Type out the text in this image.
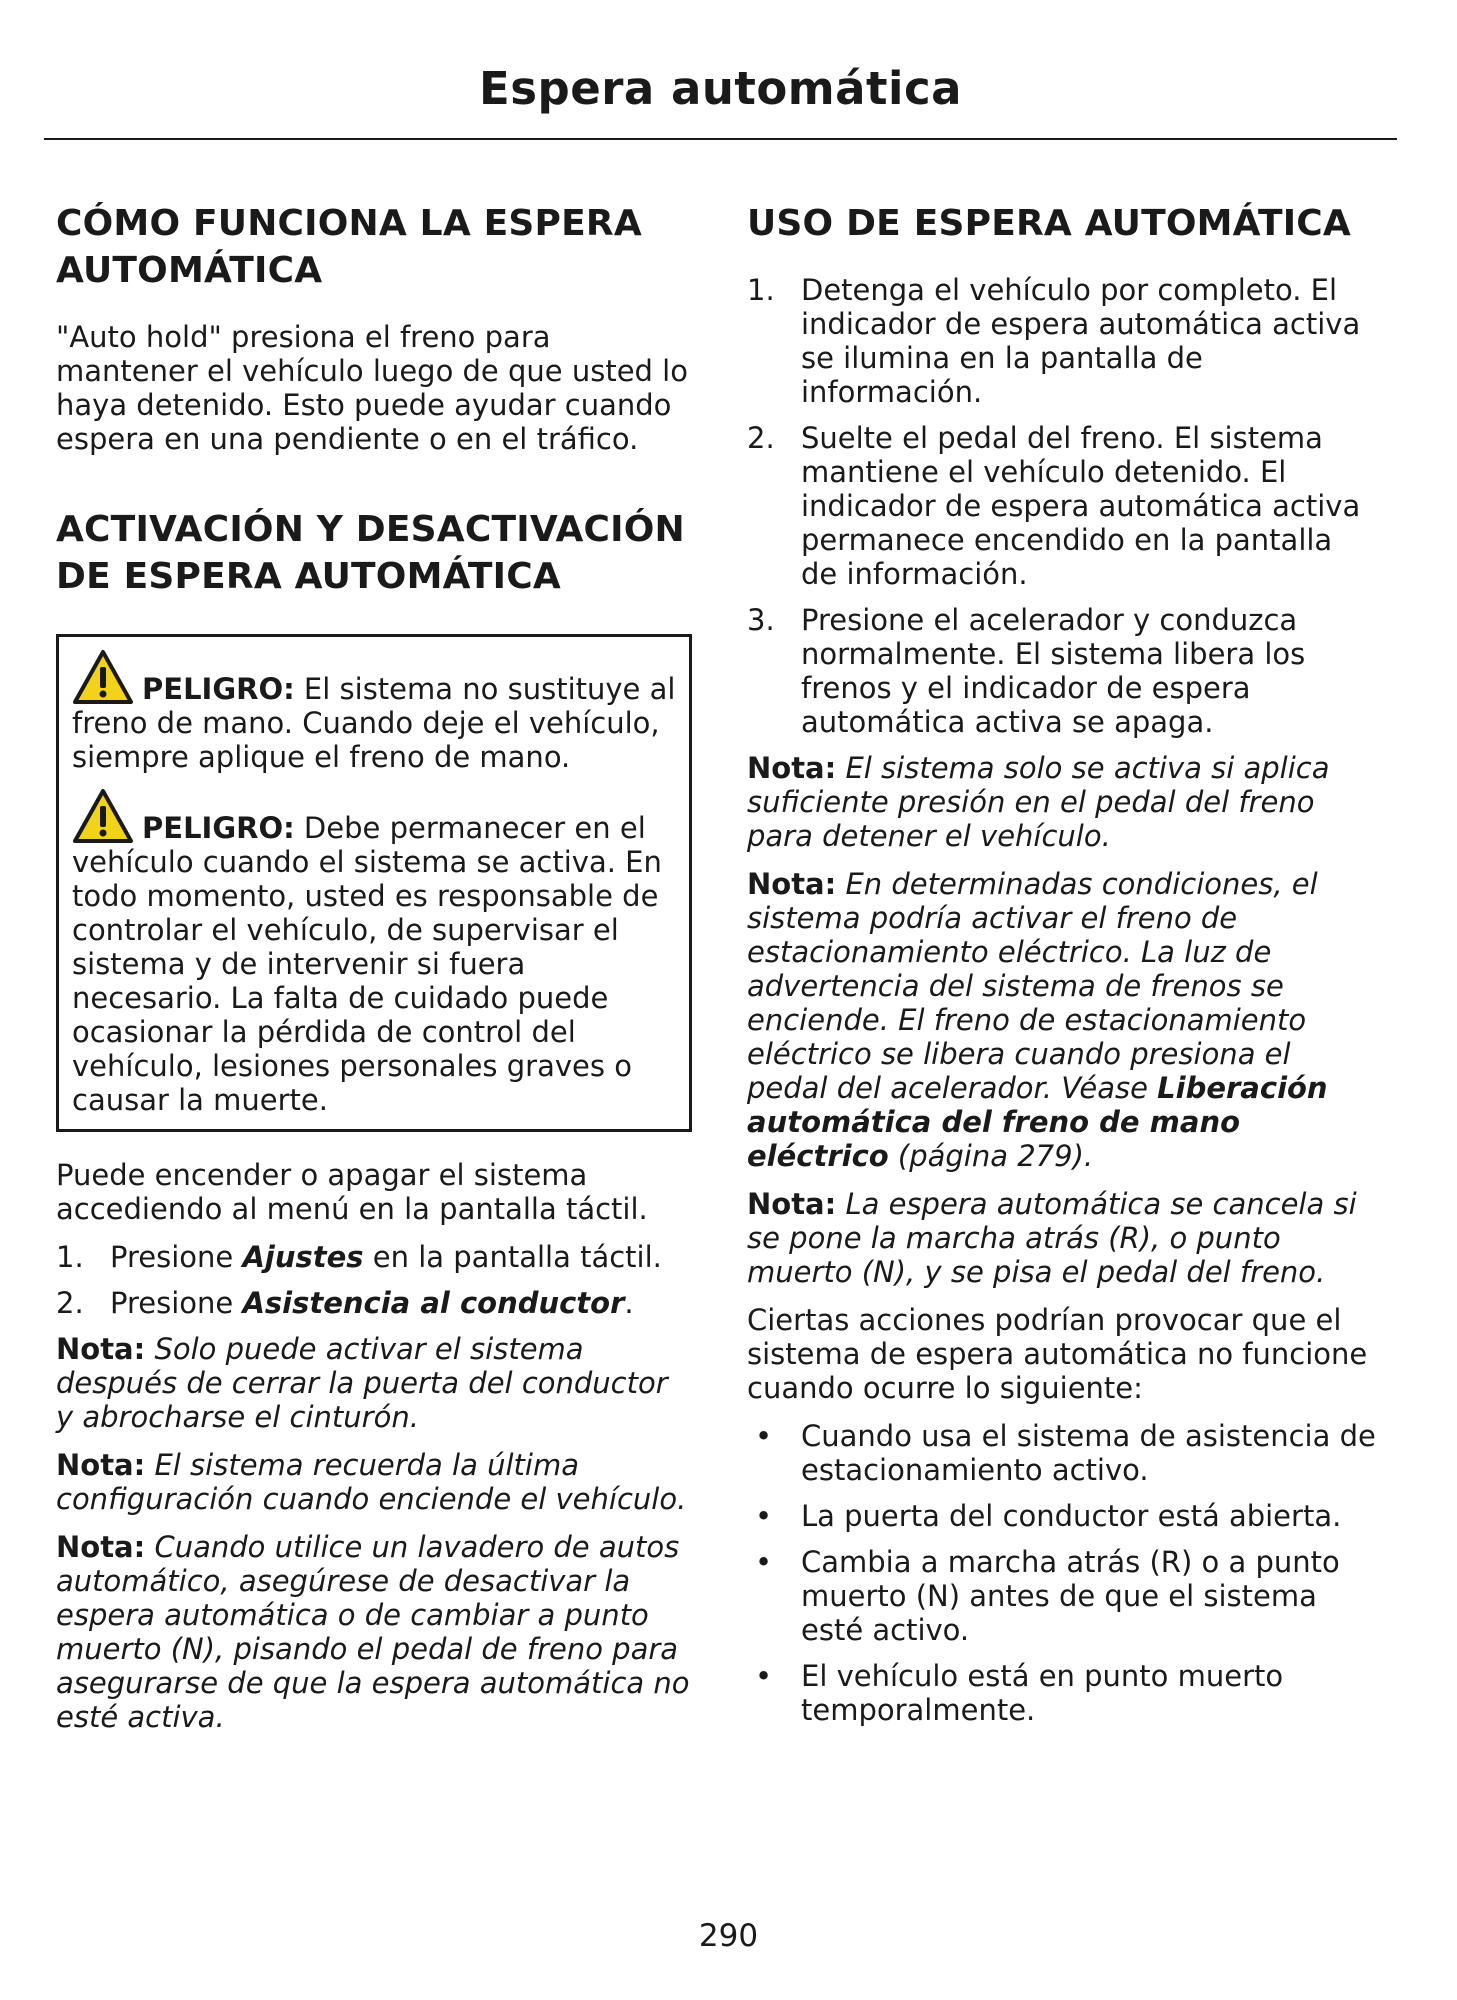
Espera automática
CÓMO FUNCIONA LA ESPERA AUTOMÁTICA

"Auto hold" presiona el freno para mantener el vehículo luego de que usted lo haya detenido. Esto puede ayudar cuando espera en una pendiente o en el tráfico.

ACTIVACIÓN Y DESACTIVACIÓN DE ESPERA AUTOMÁTICA
PELIGRO: El sistema no sustituye al freno de mano. Cuando deje el vehículo, siempre aplique el freno de mano.
PELIGRO: Debe permanecer en el vehículo cuando el sistema se activa. En todo momento, usted es responsable de controlar el vehículo, de supervisar el sistema y de intervenir si fuera necesario. La falta de cuidado puede ocasionar la pérdida de control del vehículo, lesiones personales graves o causar la muerte.

Puede encender o apagar el sistema accediendo al menú en la pantalla táctil.

1. Presione Ajustes en la pantalla táctil.
2. Presione Asistencia al conductor.
Nota: Solo puede activar el sistema después de cerrar la puerta del conductor y abrocharse el cinturón.
Nota: El sistema recuerda la última configuración cuando enciende el vehículo.
Nota: Cuando utilice un lavadero de autos automático, asegúrese de desactivar la espera automática o de cambiar a punto muerto (N), pisando el pedal de freno para asegurarse de que la espera automática no esté activa.
USO DE ESPERA AUTOMÁTICA
1. Detenga el vehículo por completo. El indicador de espera automática activa se ilumina en la pantalla de información.
2. Suelte el pedal del freno. El sistema mantiene el vehículo detenido. El indicador de espera automática activa permanece encendido en la pantalla de información.
3. Presione el acelerador y conduzca normalmente. El sistema libera los frenos y el indicador de espera automática activa se apaga.
Nota: El sistema solo se activa si aplica suficiente presión en el pedal del freno para detener el vehículo.
Nota: En determinadas condiciones, el sistema podría activar el freno de estacionamiento eléctrico. La luz de advertencia del sistema de frenos se enciende. El freno de estacionamiento eléctrico se libera cuando presiona el pedal del acelerador. Véase Liberación automática del freno de mano eléctrico (página 279).
Nota: La espera automática se cancela si se pone la marcha atrás (R), o punto muerto (N), y se pisa el pedal del freno.

Ciertas acciones podrían provocar que el sistema de espera automática no funcione cuando ocurre lo siguiente:

• Cuando usa el sistema de asistencia de estacionamiento activo.
• La puerta del conductor está abierta.
• Cambia a marcha atrás (R) o a punto muerto (N) antes de que el sistema esté activo.
• El vehículo está en punto muerto temporalmente.
290
